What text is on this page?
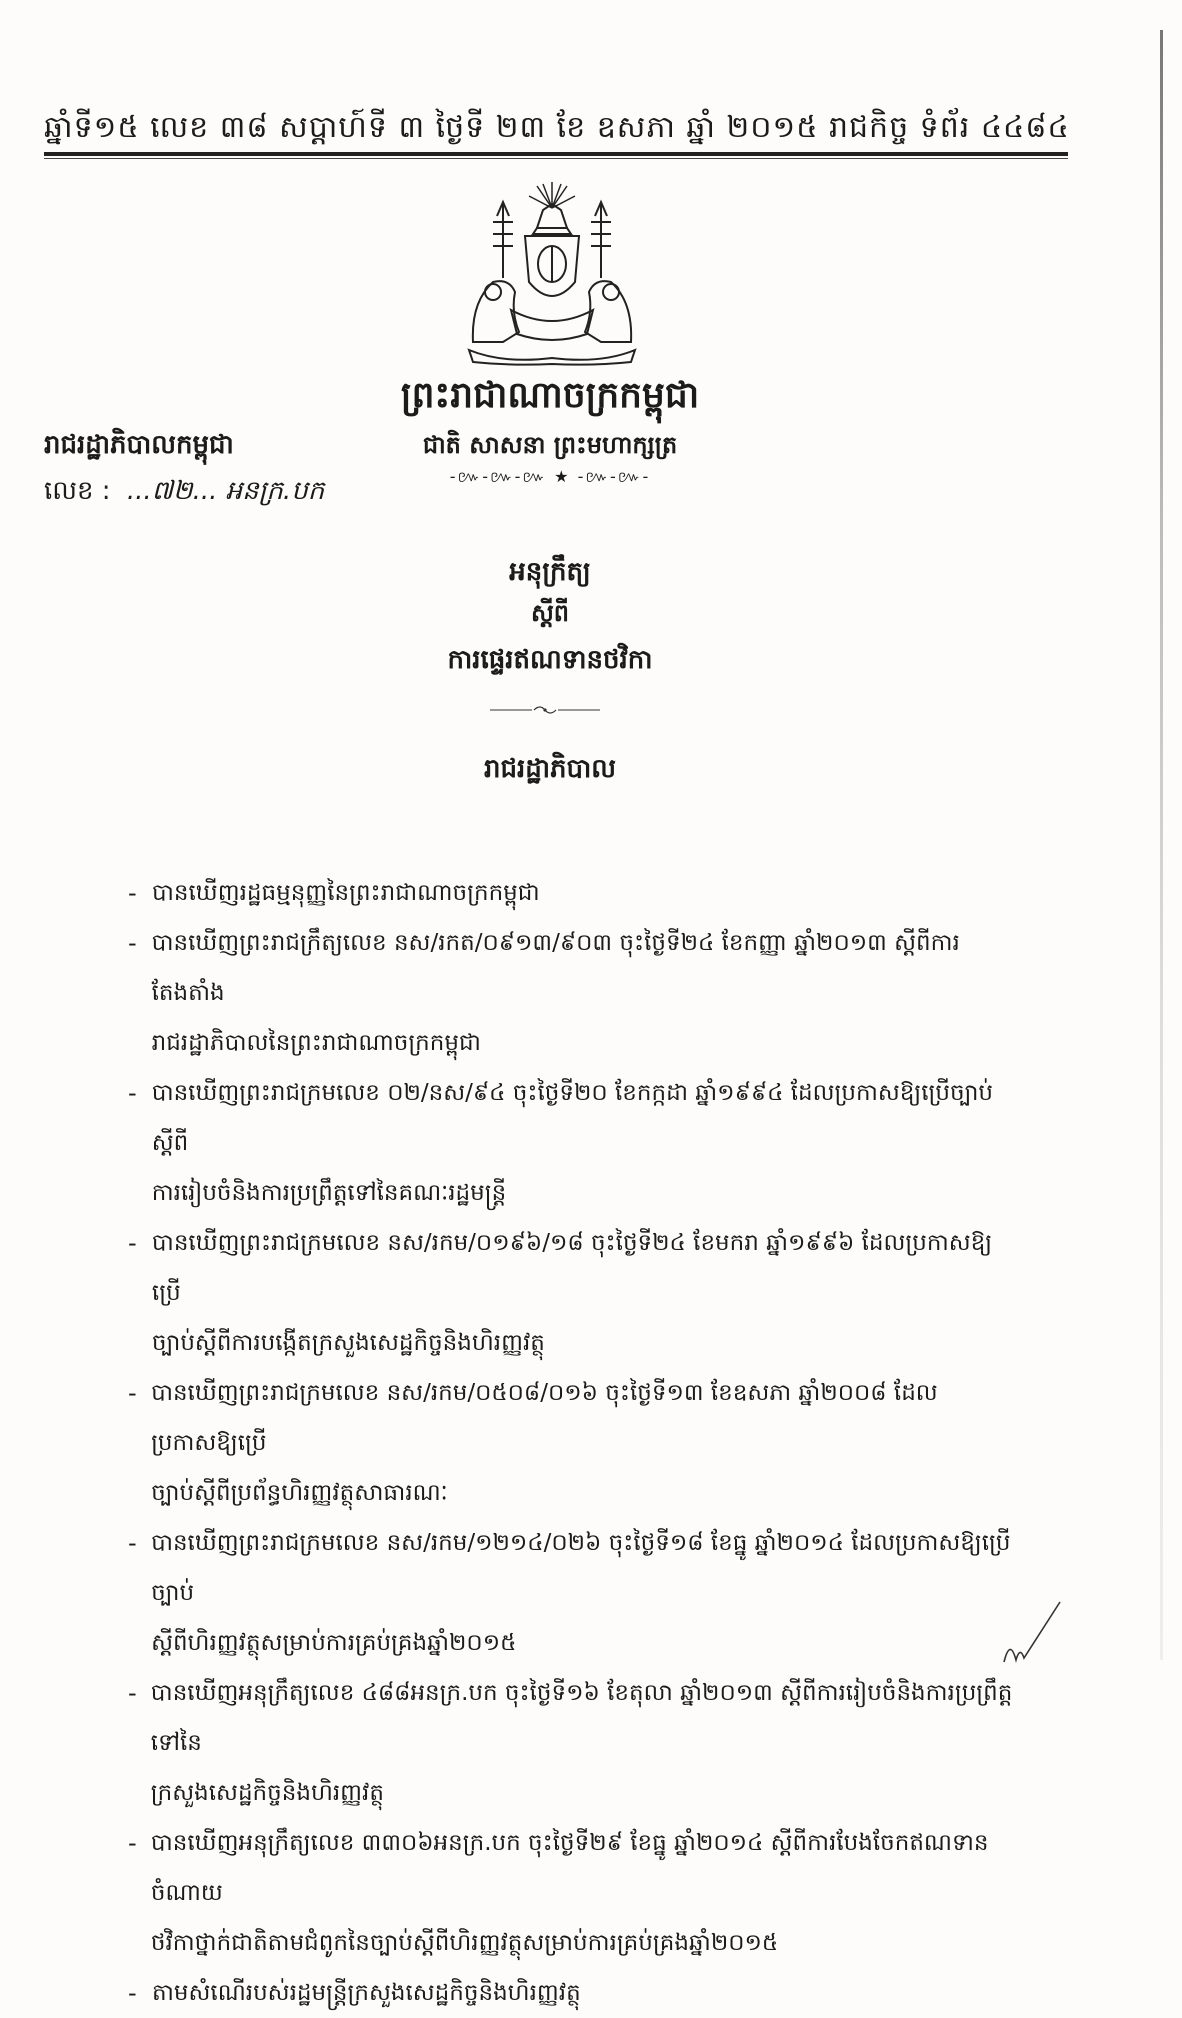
ឆ្នាំទី១៥ លេខ ៣៨ សប្តាហ៍ទី ៣ ថ្ងៃទី ២៣ ខែ ឧសភា ឆ្នាំ ២០១៥ រាជកិច្ច ទំព័រ ៤៤៨៤
ព្រះរាជាណាចក្រកម្ពុជា
ជាតិ សាសនា ព្រះមហាក្សត្រ
-៚-៚-៚ ★ -៚-៚-
រាជរដ្ឋាភិបាលកម្ពុជា
លេខ : ...៧២... អនក្រ.បក
អនុក្រឹត្យ
ស្តីពី
ការផ្ទេរឥណទានថវិកា
រាជរដ្ឋាភិបាល
- បានឃើញរដ្ឋធម្មនុញ្ញនៃព្រះរាជាណាចក្រកម្ពុជា
- បានឃើញព្រះរាជក្រឹត្យលេខ នស/រកត/០៩១៣/៩០៣ ចុះថ្ងៃទី២៤ ខែកញ្ញា ឆ្នាំ២០១៣ ស្តីពីការតែងតាំង
រាជរដ្ឋាភិបាលនៃព្រះរាជាណាចក្រកម្ពុជា
- បានឃើញព្រះរាជក្រមលេខ ០២/នស/៩៤ ចុះថ្ងៃទី២០ ខែកក្កដា ឆ្នាំ១៩៩៤ ដែលប្រកាសឱ្យប្រើច្បាប់ស្តីពី
ការរៀបចំនិងការប្រព្រឹត្តទៅនៃគណៈរដ្ឋមន្ត្រី
- បានឃើញព្រះរាជក្រមលេខ នស/រកម/០១៩៦/១៨ ចុះថ្ងៃទី២៤ ខែមករា ឆ្នាំ១៩៩៦ ដែលប្រកាសឱ្យប្រើ
ច្បាប់ស្តីពីការបង្កើតក្រសួងសេដ្ឋកិច្ចនិងហិរញ្ញវត្ថុ
- បានឃើញព្រះរាជក្រមលេខ នស/រកម/០៥០៨/០១៦ ចុះថ្ងៃទី១៣ ខែឧសភា ឆ្នាំ២០០៨ ដែលប្រកាសឱ្យប្រើ
ច្បាប់ស្តីពីប្រព័ន្ធហិរញ្ញវត្ថុសាធារណៈ
- បានឃើញព្រះរាជក្រមលេខ នស/រកម/១២១៤/០២៦ ចុះថ្ងៃទី១៨ ខែធ្នូ ឆ្នាំ២០១៤ ដែលប្រកាសឱ្យប្រើច្បាប់
ស្តីពីហិរញ្ញវត្ថុសម្រាប់ការគ្រប់គ្រងឆ្នាំ២០១៥
- បានឃើញអនុក្រឹត្យលេខ ៤៨៨អនក្រ.បក ចុះថ្ងៃទី១៦ ខែតុលា ឆ្នាំ២០១៣ ស្តីពីការរៀបចំនិងការប្រព្រឹត្តទៅនៃ
ក្រសួងសេដ្ឋកិច្ចនិងហិរញ្ញវត្ថុ
- បានឃើញអនុក្រឹត្យលេខ ៣៣០៦អនក្រ.បក ចុះថ្ងៃទី២៩ ខែធ្នូ ឆ្នាំ២០១៤ ស្តីពីការបែងចែកឥណទានចំណាយ
ថវិកាថ្នាក់ជាតិតាមជំពូកនៃច្បាប់ស្តីពីហិរញ្ញវត្ថុសម្រាប់ការគ្រប់គ្រងឆ្នាំ២០១៥
- តាមសំណើរបស់រដ្ឋមន្ត្រីក្រសួងសេដ្ឋកិច្ចនិងហិរញ្ញវត្ថុ
